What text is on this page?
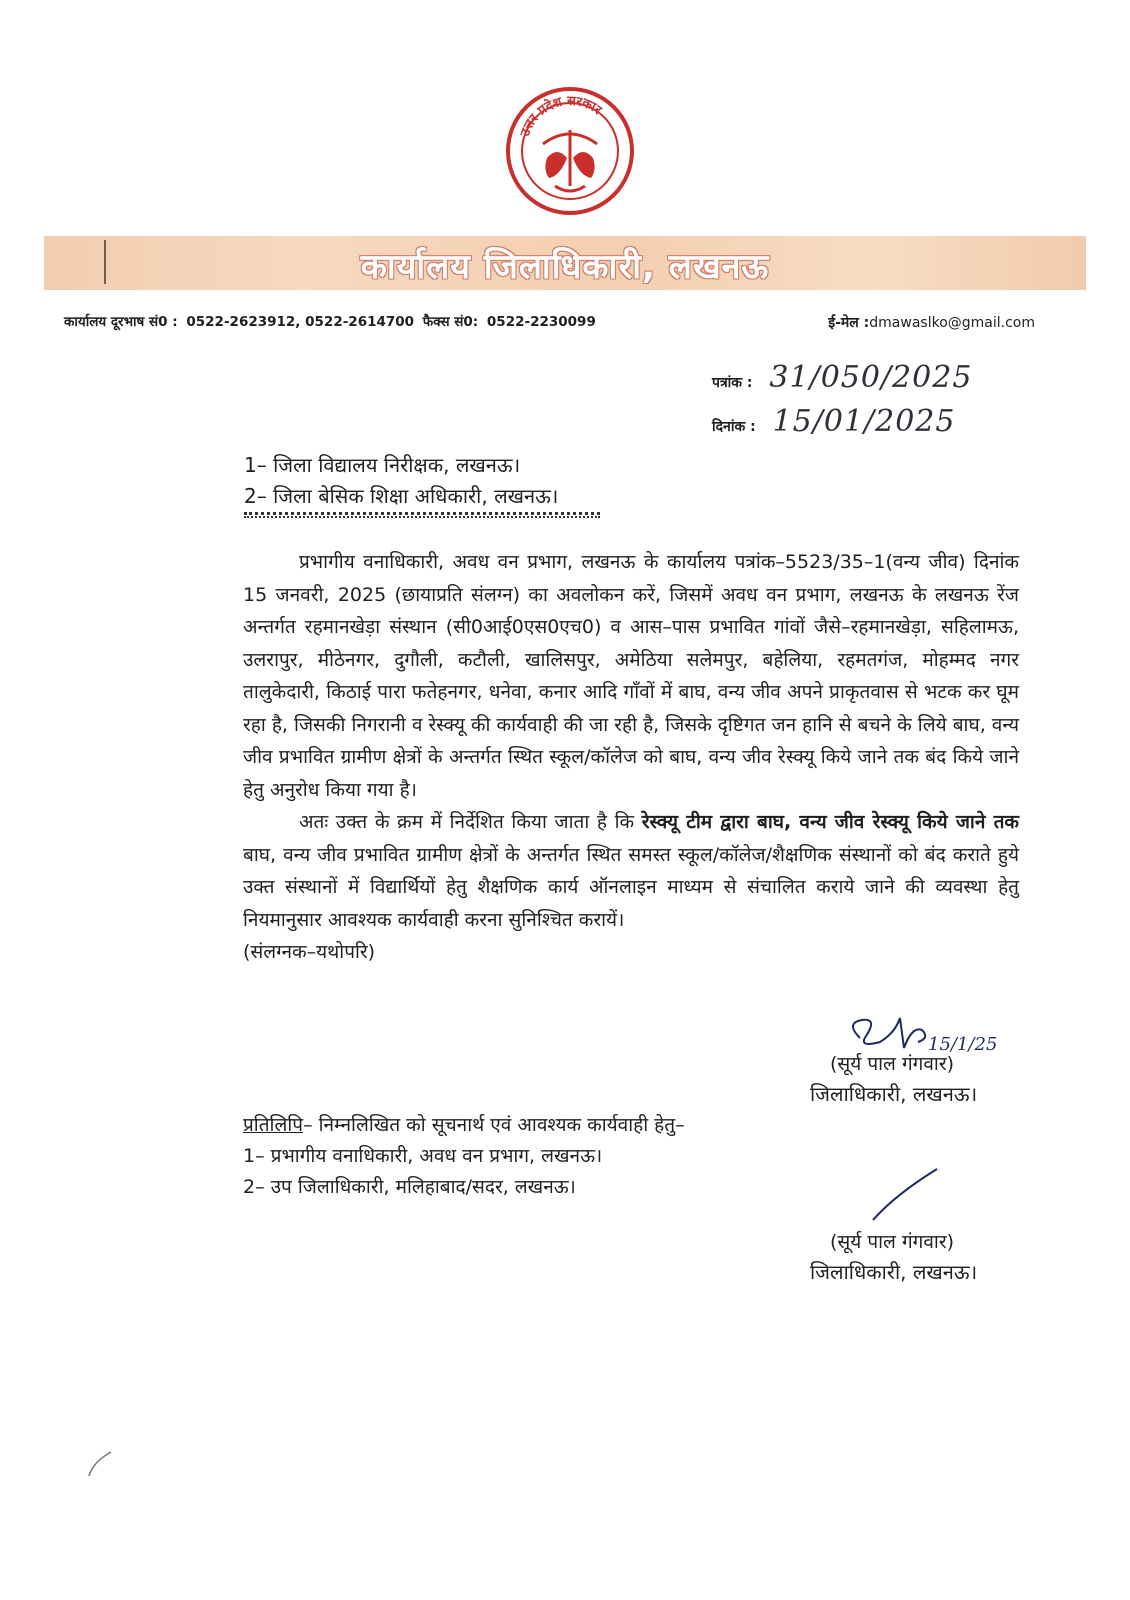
उत्तर प्रदेश सरकार
कार्यालय जिलाधिकारी, लखनऊ
कार्यालय दूरभाष सं0 : 0522-2623912, 0522-2614700 फैक्स सं0: 0522-2230099	ई-मेल :dmawaslko@gmail.com
पत्रांक : 31/050/2025
दिनांक : 15/01/2025
1– जिला विद्यालय निरीक्षक, लखनऊ।
2– जिला बेसिक शिक्षा अधिकारी, लखनऊ।

प्रभागीय वनाधिकारी, अवध वन प्रभाग, लखनऊ के कार्यालय पत्रांक–5523/35–1(वन्य जीव) दिनांक 15 जनवरी, 2025 (छायाप्रति संलग्न) का अवलोकन करें, जिसमें अवध वन प्रभाग, लखनऊ के लखनऊ रेंज अन्तर्गत रहमानखेड़ा संस्थान (सी0आई0एस0एच0) व आस–पास प्रभावित गांवों जैसे–रहमानखेड़ा, सहिलामऊ, उलरापुर, मीठेनगर, दुगौली, कटौली, खालिसपुर, अमेठिया सलेमपुर, बहेलिया, रहमतगंज, मोहम्मद नगर तालुकेदारी, किठाई पारा फतेहनगर, धनेवा, कनार आदि गाँवों में बाघ, वन्य जीव अपने प्राकृतवास से भटक कर घूम रहा है, जिसकी निगरानी व रेस्क्यू की कार्यवाही की जा रही है, जिसके दृष्टिगत जन हानि से बचने के लिये बाघ, वन्य जीव प्रभावित ग्रामीण क्षेत्रों के अन्तर्गत स्थित स्कूल/कॉलेज को बाघ, वन्य जीव रेस्क्यू किये जाने तक बंद किये जाने हेतु अनुरोध किया गया है।

अतः उक्त के क्रम में निर्देशित किया जाता है कि रेस्क्यू टीम द्वारा बाघ, वन्य जीव रेस्क्यू किये जाने तक बाघ, वन्य जीव प्रभावित ग्रामीण क्षेत्रों के अन्तर्गत स्थित समस्त स्कूल/कॉलेज/शैक्षणिक संस्थानों को बंद कराते हुये उक्त संस्थानों में विद्यार्थियों हेतु शैक्षणिक कार्य ऑनलाइन माध्यम से संचालित कराये जाने की व्यवस्था हेतु नियमानुसार आवश्यक कार्यवाही करना सुनिश्चित करायें।

(संलग्नक–यथोपरि)

15/1/25
(सूर्य पाल गंगवार)
जिलाधिकारी, लखनऊ।
प्रतिलिपि– निम्नलिखित को सूचनार्थ एवं आवश्यक कार्यवाही हेतु–
1– प्रभागीय वनाधिकारी, अवध वन प्रभाग, लखनऊ।
2– उप जिलाधिकारी, मलिहाबाद/सदर, लखनऊ।
(सूर्य पाल गंगवार)
जिलाधिकारी, लखनऊ।
